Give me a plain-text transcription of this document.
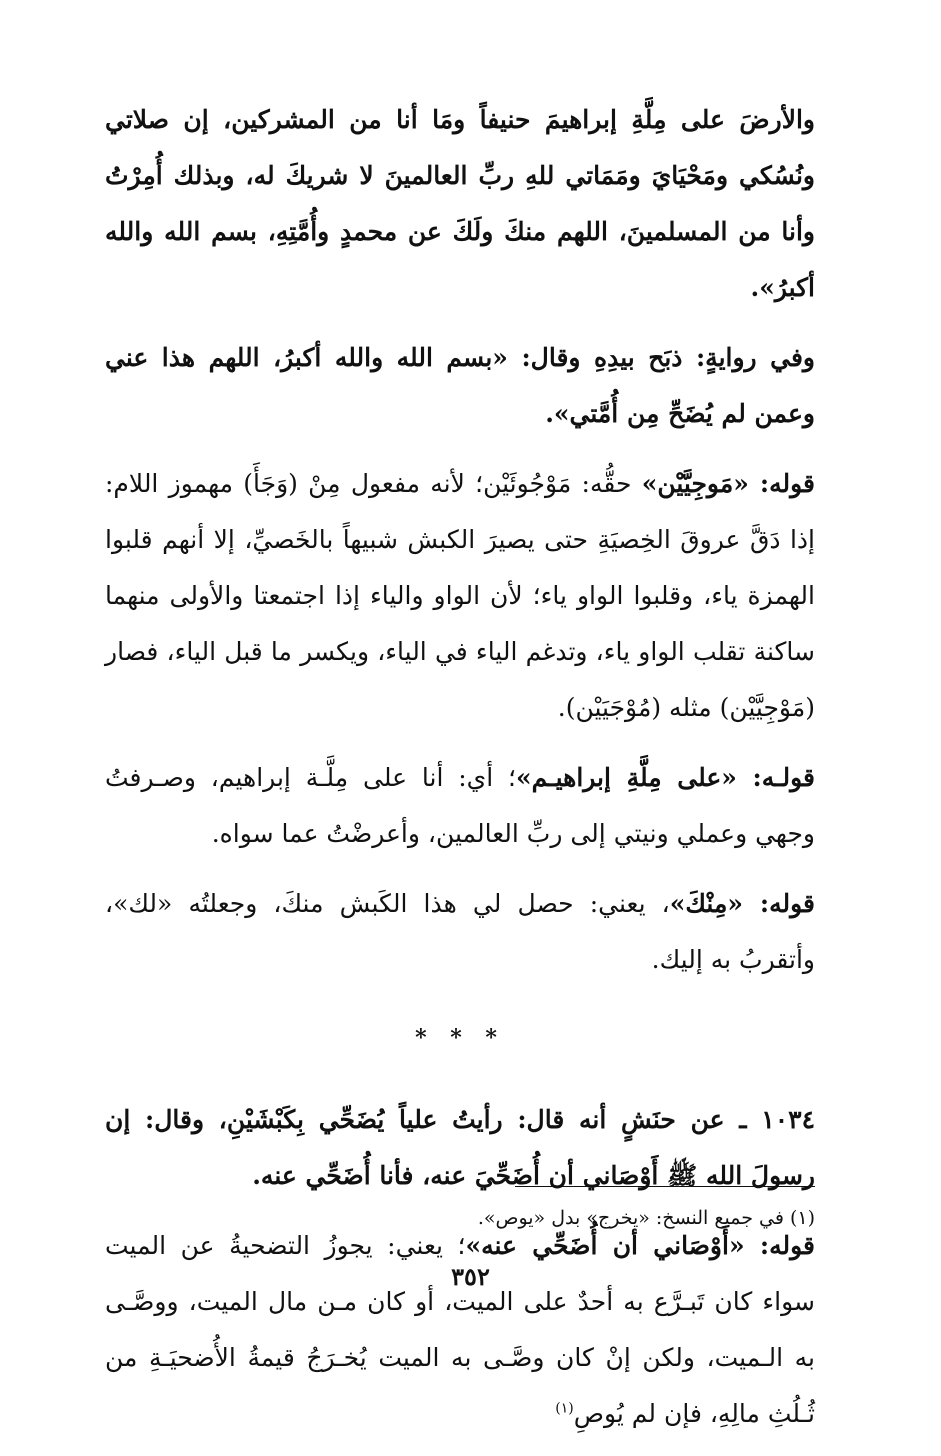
والأرضَ على مِلَّةِ إبراهيمَ حنيفاً ومَا أنا من المشركين، إن صلاتي ونُسُكي ومَحْيَايَ ومَمَاتي للهِ ربِّ العالمينَ لا شريكَ له، وبذلك أُمِرْتُ وأنا من المسلمينَ، اللهم منكَ ولَكَ عن محمدٍ وأُمَّتِهِ، بسم الله والله أكبرُ».

وفي روايةٍ: ذبَح بيدِهِ وقال: «بسم الله والله أكبرُ، اللهم هذا عني وعمن لم يُضَحِّ مِن أُمَّتي».

قوله: «مَوجِيَّيْن» حقُّه: مَوْجُوئَيْن؛ لأنه مفعول مِنْ (وَجَأَ) مهموز اللام: إذا دَقَّ عروقَ الخِصيَةِ حتى يصيرَ الكبش شبيهاً بالخَصيِّ، إلا أنهم قلبوا الهمزة ياء، وقلبوا الواو ياء؛ لأن الواو والياء إذا اجتمعتا والأولى منهما ساكنة تقلب الواو ياء، وتدغم الياء في الياء، ويكسر ما قبل الياء، فصار (مَوْجِيَّيْن) مثله (مُوْجَيَيْن).

قولـه: «على مِلَّةِ إبراهيـم»؛ أي: أنا على مِلَّـة إبراهيم، وصـرفتُ وجهي وعملي ونيتي إلى ربِّ العالمين، وأعرضْتُ عما سواه.

قوله: «مِنْكَ»، يعني: حصل لي هذا الكَبش منكَ، وجعلتُه «لك»، وأتقربُ به إليك.

* * *

١٠٣٤ ـ عن حنَشٍ أنه قال: رأيتُ علياً يُضَحِّي بِكَبْشَيْنِ، وقال: إن رسولَ الله ﷺ أَوْصَاني أن أُضَحِّيَ عنه، فأنا أُضَحِّي عنه.

قوله: «أَوْصَاني أن أُضَحِّي عنه»؛ يعني: يجوزُ التضحيةُ عن الميت سواء كان تَبـرَّع به أحدٌ على الميت، أو كان مـن مال الميت، ووصَّـى به الـميت، ولكن إنْ كان وصَّـى به الميت يُخـرَجُ قيمةُ الأُضحيَـةِ من ثُـلُثِ مالِهِ، فإن لم يُوصِ$^{(١)}$

(١) في جميع النسخ: «يخرج» بدل «يوص».
٣٥٢
